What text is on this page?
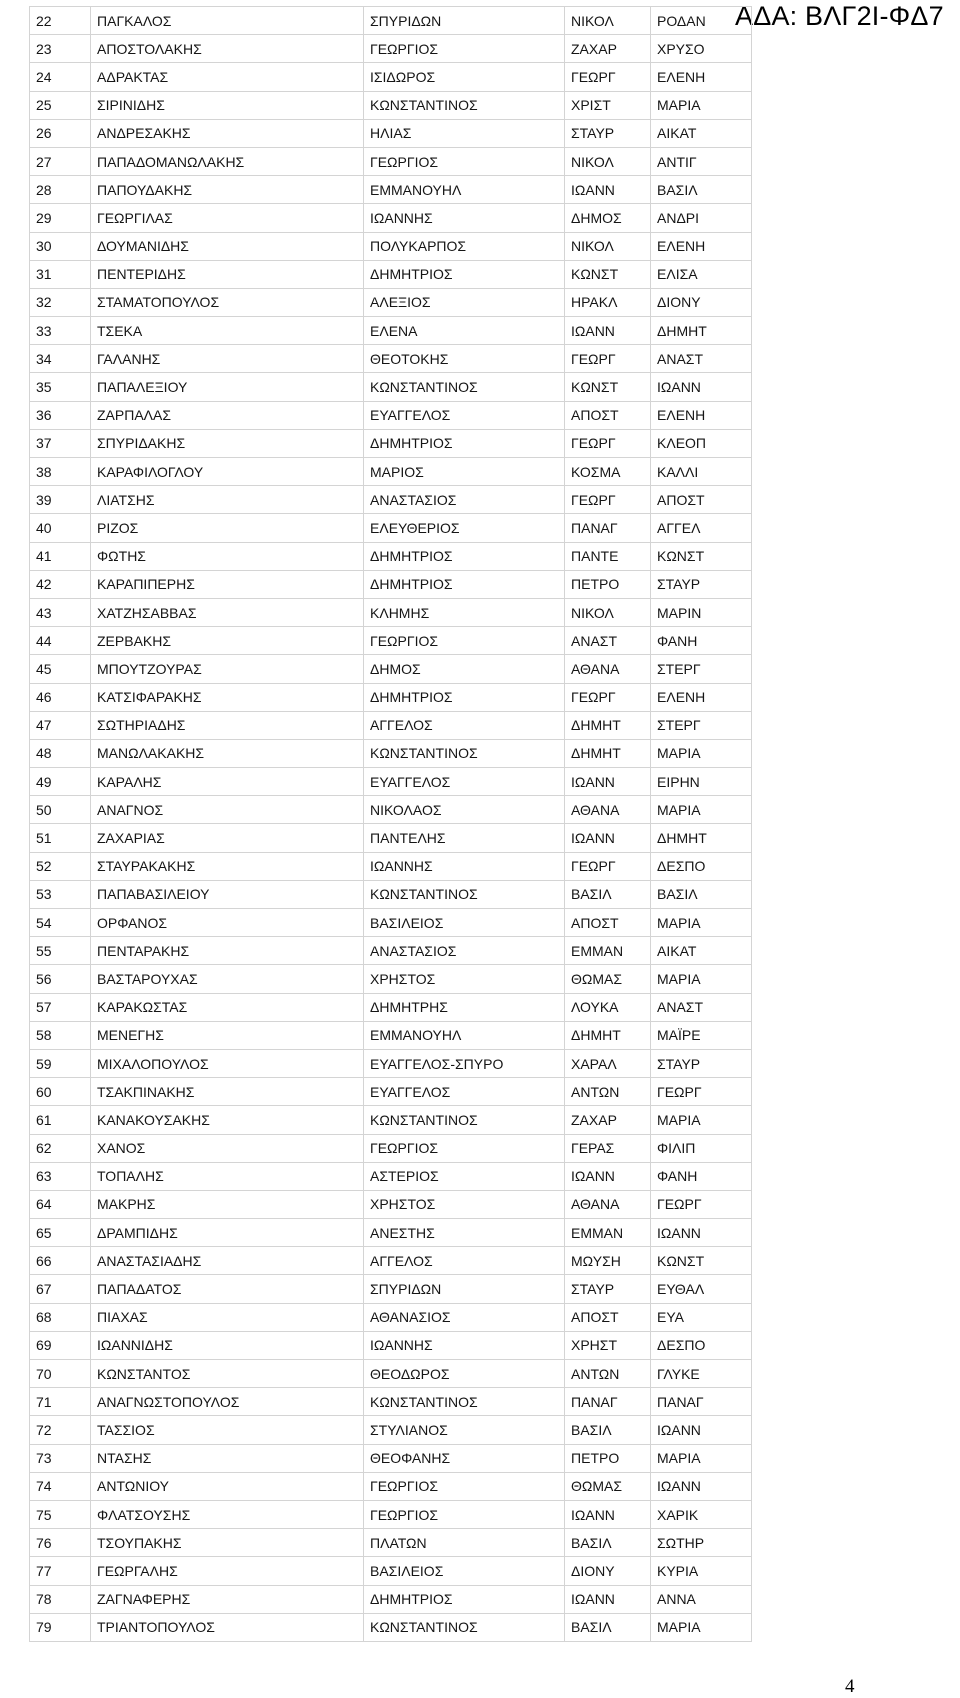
ΑΔΑ: ΒΛΓ2Ι-ΦΔ7
22	ΠΑΓΚΑΛΟΣ	ΣΠΥΡΙΔΩΝ	ΝΙΚΟΛ	ΡΟΔΑΝ
23	ΑΠΟΣΤΟΛΑΚΗΣ	ΓΕΩΡΓΙΟΣ	ΖΑΧΑΡ	ΧΡΥΣΟ
24	ΑΔΡΑΚΤΑΣ	ΙΣΙΔΩΡΟΣ	ΓΕΩΡΓ	ΕΛΕΝΗ
25	ΣΙΡΙΝΙΔΗΣ	ΚΩΝΣΤΑΝΤΙΝΟΣ	ΧΡΙΣΤ	ΜΑΡΙΑ
26	ΑΝΔΡΕΣΑΚΗΣ	ΗΛΙΑΣ	ΣΤΑΥΡ	ΑΙΚΑΤ
27	ΠΑΠΑΔΟΜΑΝΩΛΑΚΗΣ	ΓΕΩΡΓΙΟΣ	ΝΙΚΟΛ	ΑΝΤΙΓ
28	ΠΑΠΟΥΔΑΚΗΣ	ΕΜΜΑΝΟΥΗΛ	ΙΩΑΝΝ	ΒΑΣΙΛ
29	ΓΕΩΡΓΙΛΑΣ	ΙΩΑΝΝΗΣ	ΔΗΜΟΣ	ΑΝΔΡΙ
30	ΔΟΥΜΑΝΙΔΗΣ	ΠΟΛΥΚΑΡΠΟΣ	ΝΙΚΟΛ	ΕΛΕΝΗ
31	ΠΕΝΤΕΡΙΔΗΣ	ΔΗΜΗΤΡΙΟΣ	ΚΩΝΣΤ	ΕΛΙΣΑ
32	ΣΤΑΜΑΤΟΠΟΥΛΟΣ	ΑΛΕΞΙΟΣ	ΗΡΑΚΛ	ΔΙΟΝΥ
33	ΤΣΕΚΑ	ΕΛΕΝΑ	ΙΩΑΝΝ	ΔΗΜΗΤ
34	ΓΑΛΑΝΗΣ	ΘΕΟΤΟΚΗΣ	ΓΕΩΡΓ	ΑΝΑΣΤ
35	ΠΑΠΑΛΕΞΙΟΥ	ΚΩΝΣΤΑΝΤΙΝΟΣ	ΚΩΝΣΤ	ΙΩΑΝΝ
36	ΖΑΡΠΑΛΑΣ	ΕΥΑΓΓΕΛΟΣ	ΑΠΟΣΤ	ΕΛΕΝΗ
37	ΣΠΥΡΙΔΑΚΗΣ	ΔΗΜΗΤΡΙΟΣ	ΓΕΩΡΓ	ΚΛΕΟΠ
38	ΚΑΡΑΦΙΛΟΓΛΟΥ	ΜΑΡΙΟΣ	ΚΟΣΜΑ	ΚΑΛΛΙ
39	ΛΙΑΤΣΗΣ	ΑΝΑΣΤΑΣΙΟΣ	ΓΕΩΡΓ	ΑΠΟΣΤ
40	ΡΙΖΟΣ	ΕΛΕΥΘΕΡΙΟΣ	ΠΑΝΑΓ	ΑΓΓΕΛ
41	ΦΩΤΗΣ	ΔΗΜΗΤΡΙΟΣ	ΠΑΝΤΕ	ΚΩΝΣΤ
42	ΚΑΡΑΠΙΠΕΡΗΣ	ΔΗΜΗΤΡΙΟΣ	ΠΕΤΡΟ	ΣΤΑΥΡ
43	ΧΑΤΖΗΣΑΒΒΑΣ	ΚΛΗΜΗΣ	ΝΙΚΟΛ	ΜΑΡΙΝ
44	ΖΕΡΒΑΚΗΣ	ΓΕΩΡΓΙΟΣ	ΑΝΑΣΤ	ΦΑΝΗ
45	ΜΠΟΥΤΖΟΥΡΑΣ	ΔΗΜΟΣ	ΑΘΑΝΑ	ΣΤΕΡΓ
46	ΚΑΤΣΙΦΑΡΑΚΗΣ	ΔΗΜΗΤΡΙΟΣ	ΓΕΩΡΓ	ΕΛΕΝΗ
47	ΣΩΤΗΡΙΑΔΗΣ	ΑΓΓΕΛΟΣ	ΔΗΜΗΤ	ΣΤΕΡΓ
48	ΜΑΝΩΛΑΚΑΚΗΣ	ΚΩΝΣΤΑΝΤΙΝΟΣ	ΔΗΜΗΤ	ΜΑΡΙΑ
49	ΚΑΡΑΛΗΣ	ΕΥΑΓΓΕΛΟΣ	ΙΩΑΝΝ	ΕΙΡΗΝ
50	ΑΝΑΓΝΟΣ	ΝΙΚΟΛΑΟΣ	ΑΘΑΝΑ	ΜΑΡΙΑ
51	ΖΑΧΑΡΙΑΣ	ΠΑΝΤΕΛΗΣ	ΙΩΑΝΝ	ΔΗΜΗΤ
52	ΣΤΑΥΡΑΚΑΚΗΣ	ΙΩΑΝΝΗΣ	ΓΕΩΡΓ	ΔΕΣΠΟ
53	ΠΑΠΑΒΑΣΙΛΕΙΟΥ	ΚΩΝΣΤΑΝΤΙΝΟΣ	ΒΑΣΙΛ	ΒΑΣΙΛ
54	ΟΡΦΑΝΟΣ	ΒΑΣΙΛΕΙΟΣ	ΑΠΟΣΤ	ΜΑΡΙΑ
55	ΠΕΝΤΑΡΑΚΗΣ	ΑΝΑΣΤΑΣΙΟΣ	ΕΜΜΑΝ	ΑΙΚΑΤ
56	ΒΑΣΤΑΡΟΥΧΑΣ	ΧΡΗΣΤΟΣ	ΘΩΜΑΣ	ΜΑΡΙΑ
57	ΚΑΡΑΚΩΣΤΑΣ	ΔΗΜΗΤΡΗΣ	ΛΟΥΚΑ	ΑΝΑΣΤ
58	ΜΕΝΕΓΗΣ	ΕΜΜΑΝΟΥΗΛ	ΔΗΜΗΤ	ΜΑΪΡΕ
59	ΜΙΧΑΛΟΠΟΥΛΟΣ	ΕΥΑΓΓΕΛΟΣ-ΣΠΥΡΟ	ΧΑΡΑΛ	ΣΤΑΥΡ
60	ΤΣΑΚΠΙΝΑΚΗΣ	ΕΥΑΓΓΕΛΟΣ	ΑΝΤΩΝ	ΓΕΩΡΓ
61	ΚΑΝΑΚΟΥΣΑΚΗΣ	ΚΩΝΣΤΑΝΤΙΝΟΣ	ΖΑΧΑΡ	ΜΑΡΙΑ
62	ΧΑΝΟΣ	ΓΕΩΡΓΙΟΣ	ΓΕΡΑΣ	ΦΙΛΙΠ
63	ΤΟΠΑΛΗΣ	ΑΣΤΕΡΙΟΣ	ΙΩΑΝΝ	ΦΑΝΗ
64	ΜΑΚΡΗΣ	ΧΡΗΣΤΟΣ	ΑΘΑΝΑ	ΓΕΩΡΓ
65	ΔΡΑΜΠΙΔΗΣ	ΑΝΕΣΤΗΣ	ΕΜΜΑΝ	ΙΩΑΝΝ
66	ΑΝΑΣΤΑΣΙΑΔΗΣ	ΑΓΓΕΛΟΣ	ΜΩΥΣΗ	ΚΩΝΣΤ
67	ΠΑΠΑΔΑΤΟΣ	ΣΠΥΡΙΔΩΝ	ΣΤΑΥΡ	ΕΥΘΑΛ
68	ΠΙΑΧΑΣ	ΑΘΑΝΑΣΙΟΣ	ΑΠΟΣΤ	ΕΥΑ
69	ΙΩΑΝΝΙΔΗΣ	ΙΩΑΝΝΗΣ	ΧΡΗΣΤ	ΔΕΣΠΟ
70	ΚΩΝΣΤΑΝΤΟΣ	ΘΕΟΔΩΡΟΣ	ΑΝΤΩΝ	ΓΛΥΚΕ
71	ΑΝΑΓΝΩΣΤΟΠΟΥΛΟΣ	ΚΩΝΣΤΑΝΤΙΝΟΣ	ΠΑΝΑΓ	ΠΑΝΑΓ
72	ΤΑΣΣΙΟΣ	ΣΤΥΛΙΑΝΟΣ	ΒΑΣΙΛ	ΙΩΑΝΝ
73	ΝΤΑΣΗΣ	ΘΕΟΦΑΝΗΣ	ΠΕΤΡΟ	ΜΑΡΙΑ
74	ΑΝΤΩΝΙΟΥ	ΓΕΩΡΓΙΟΣ	ΘΩΜΑΣ	ΙΩΑΝΝ
75	ΦΛΑΤΣΟΥΣΗΣ	ΓΕΩΡΓΙΟΣ	ΙΩΑΝΝ	ΧΑΡΙΚ
76	ΤΣΟΥΠΑΚΗΣ	ΠΛΑΤΩΝ	ΒΑΣΙΛ	ΣΩΤΗΡ
77	ΓΕΩΡΓΑΛΗΣ	ΒΑΣΙΛΕΙΟΣ	ΔΙΟΝΥ	ΚΥΡΙΑ
78	ΖΑΓΝΑΦΕΡΗΣ	ΔΗΜΗΤΡΙΟΣ	ΙΩΑΝΝ	ΑΝΝΑ
79	ΤΡΙΑΝΤΟΠΟΥΛΟΣ	ΚΩΝΣΤΑΝΤΙΝΟΣ	ΒΑΣΙΛ	ΜΑΡΙΑ
4
